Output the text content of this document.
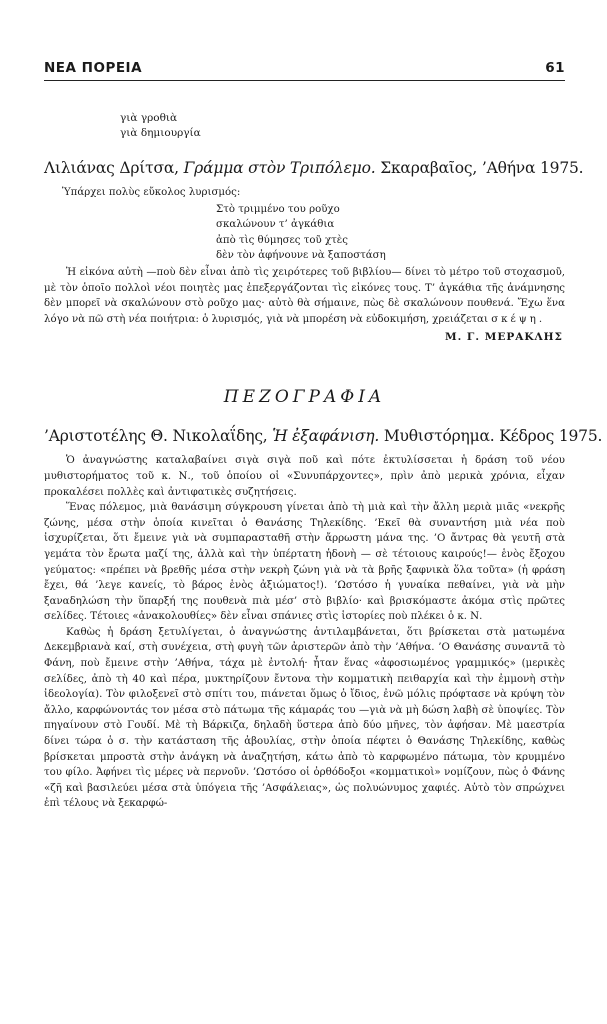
ΝΕΑ ΠΟΡΕΙΑ	61
γιὰ γροθιὰ
γιὰ δημιουργία
Λιλιάνας Δρίτσα, Γράμμα στὸν Τριπόλεμο. Σκαραβαῖος, ’Αθήνα 1975.
Ὑπάρχει πολὺς εὔκολος λυρισμός:
Στὸ τριμμένο του ροῦχο
σκαλώνουν τ’ ἀγκάθια
ἀπὸ τὶς θύμησες τοῦ χτὲς
δὲν τὸν ἀφήνουνε νὰ ξαποστάση
Ἡ εἰκόνα αὐτὴ —ποὺ δὲν εἶναι ἀπὸ τὶς χειρότερες τοῦ βιβλίου— δίνει τὸ μέτρο τοῦ στοχασμοῦ, μὲ τὸν ὁποῖο πολλοὶ νέοι ποιητὲς μας ἐπεξεργάζονται τὶς εἰκόνες τους. Τ’ ἀγκάθια τῆς ἀνάμνησης δὲν μπορεῖ νὰ σκαλώνουν στὸ ροῦχο μας· αὐτὸ θὰ σήμαινε, πὼς δὲ σκαλώνουν πουθενά. Ἔχω ἕνα λόγο νὰ πῶ στὴ νέα ποιήτρια: ὁ λυρισμός, γιὰ νὰ μπορέση νὰ εὐδοκιμήση, χρειάζεται σκέψη.
Μ. Γ. ΜΕΡΑΚΛΗΣ
ΠΕΖΟΓΡΑΦΙΑ
’Αριστοτέλης Θ. Νικολαΐδης, Ἡ ἐξαφάνιση. Μυθιστόρημα. Κέδρος 1975.

Ὁ ἀναγνώστης καταλαβαίνει σιγὰ σιγὰ ποῦ καὶ πότε ἐκτυλίσσεται ἡ δράση τοῦ νέου μυθιστορήματος τοῦ κ. Ν., τοῦ ὁποίου οἱ «Συνυπάρχοντες», πρὶν ἀπὸ μερικὰ χρόνια, εἶχαν προκαλέσει πολλὲς καὶ ἀντιφατικὲς συζητήσεις.

Ἕνας πόλεμος, μιὰ θανάσιμη σύγκρουση γίνεται ἀπὸ τὴ μιὰ καὶ τὴν ἄλλη μεριὰ μιᾶς «νεκρῆς ζώνης, μέσα στὴν ὁποία κινεῖται ὁ Θανάσης Τηλεκίδης. ’Εκεῖ θὰ συναντήση μιὰ νέα ποὺ ἰσχυρίζεται, ὅτι ἔμεινε γιὰ νὰ συμπαρασταθῆ στὴν ἄρρωστη μάνα της. ’Ο ἄντρας θὰ γευτῆ στὰ γεμάτα τὸν ἔρωτα μαζί της, ἀλλὰ καὶ τὴν ὑπέρτατη ἡδονὴ — σὲ τέτοιους καιρούς!— ἑνὸς ἔξοχου γεύματος: «πρέπει νὰ βρεθῆς μέσα στὴν νεκρὴ ζώνη γιὰ νὰ τὰ βρῆς ξαφνικὰ ὅλα τοῦτα» (ἡ φράση ἔχει, θά ’λεγε κανείς, τὸ βάρος ἑνὸς ἀξιώματος!). ’Ωστόσο ἡ γυναίκα πεθαίνει, γιὰ νὰ μὴν ξαναδηλώση τὴν ὕπαρξή της πουθενὰ πιὰ μέσ’ στὸ βιβλίο· καὶ βρισκόμαστε ἀκόμα στὶς πρῶτες σελίδες. Τέτοιες «ἀνακολουθίες» δὲν εἶναι σπάνιες στὶς ἱστορίες ποὺ πλέκει ὁ κ. Ν.

Καθὼς ἡ δράση ξετυλίγεται, ὁ ἀναγνώστης ἀντιλαμβάνεται, ὅτι βρίσκεται στὰ ματωμένα Δεκεμβριανὰ καί, στὴ συνέχεια, στὴ φυγὴ τῶν ἀριστερῶν ἀπὸ τὴν ’Αθήνα. ’Ο Θανάσης συναντᾶ τὸ Φάνη, ποὺ ἔμεινε στὴν ’Αθήνα, τάχα μὲ ἐντολή· ἦταν ἕνας «ἀφοσιωμένος γραμμικός» (μερικὲς σελίδες, ἀπὸ τὴ 40 καὶ πέρα, μυκτηρίζουν ἔντονα τὴν κομματικὴ πειθαρχία καὶ τὴν ἐμμονὴ στὴν ἰδεολογία). Τὸν φιλοξενεῖ στὸ σπίτι του, πιάνεται ὅμως ὁ ἴδιος, ἐνῶ μόλις πρόφτασε νὰ κρύψη τὸν ἄλλο, καρφώνοντάς τον μέσα στὸ πάτωμα τῆς κάμαράς του —γιὰ νὰ μὴ δώση λαβὴ σὲ ὑποψίες. Τὸν πηγαίνουν στὸ Γουδί. Μὲ τὴ Βάρκιζα, δηλαδὴ ὕστερα ἀπὸ δύο μῆνες, τὸν ἀφήσαν. Μὲ μαεστρία δίνει τώρα ὁ σ. τὴν κατάσταση τῆς ἀβουλίας, στὴν ὁποία πέφτει ὁ Θανάσης Τηλεκίδης, καθὼς βρίσκεται μπροστὰ στὴν ἀνάγκη νὰ ἀναζητήση, κάτω ἀπὸ τὸ καρφωμένο πάτωμα, τὸν κρυμμένο του φίλο. Ἀφήνει τὶς μέρες νὰ περνοῦν. ’Ωστόσο οἱ ὀρθόδοξοι «κομματικοὶ» νομίζουν, πὼς ὁ Φάνης «ζῆ καὶ βασιλεύει μέσα στὰ ὑπόγεια τῆς ’Ασφάλειας», ὡς πολυώνυμος χαφιές. Αὐτὸ τὸν σπρώχνει ἐπὶ τέλους νὰ ξεκαρφώ-
